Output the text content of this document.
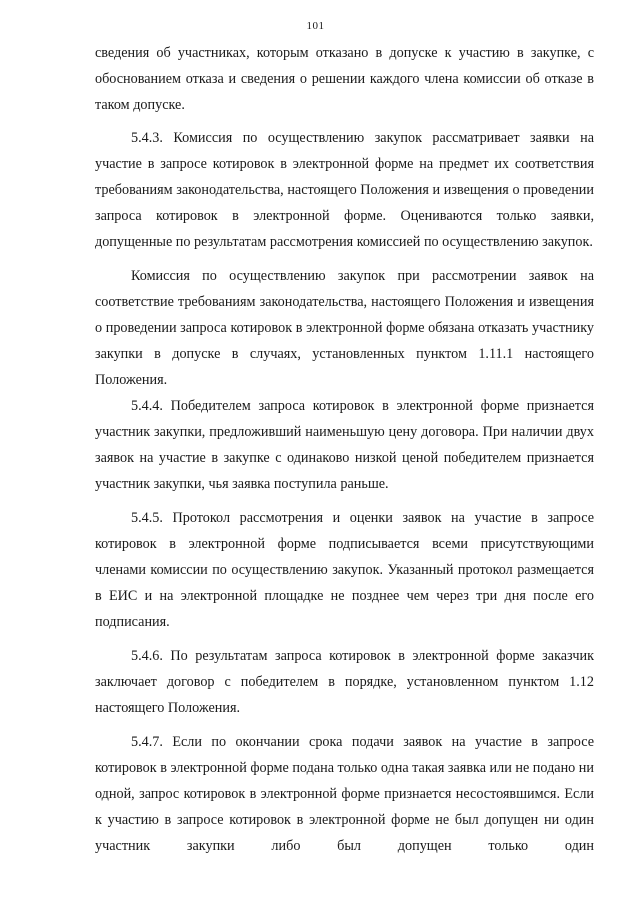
101

сведения об участниках, которым отказано в допуске к участию в закупке, с обоснованием отказа и сведения о решении каждого члена комиссии об отказе в таком допуске.

5.4.3. Комиссия по осуществлению закупок рассматривает заявки на участие в запросе котировок в электронной форме на предмет их соответствия требованиям законодательства, настоящего Положения и извещения о проведении запроса котировок в электронной форме. Оцениваются только заявки, допущенные по результатам рассмотрения комиссией по осуществлению закупок.

Комиссия по осуществлению закупок при рассмотрении заявок на соответствие требованиям законодательства, настоящего Положения и извещения о проведении запроса котировок в электронной форме обязана отказать участнику закупки в допуске в случаях, установленных пунктом 1.11.1 настоящего Положения.

5.4.4. Победителем запроса котировок в электронной форме признается участник закупки, предложивший наименьшую цену договора. При наличии двух заявок на участие в закупке с одинаково низкой ценой победителем признается участник закупки, чья заявка поступила раньше.

5.4.5. Протокол рассмотрения и оценки заявок на участие в запросе котировок в электронной форме подписывается всеми присутствующими членами комиссии по осуществлению закупок. Указанный протокол размещается в ЕИС и на электронной площадке не позднее чем через три дня после его подписания.

5.4.6. По результатам запроса котировок в электронной форме заказчик заключает договор с победителем в порядке, установленном пунктом 1.12 настоящего Положения.

5.4.7. Если по окончании срока подачи заявок на участие в запросе котировок в электронной форме подана только одна такая заявка или не подано ни одной, запрос котировок в электронной форме признается несостоявшимся. Если к участию в запросе котировок в электронной форме не был допущен ни один участник закупки либо был допущен только один
